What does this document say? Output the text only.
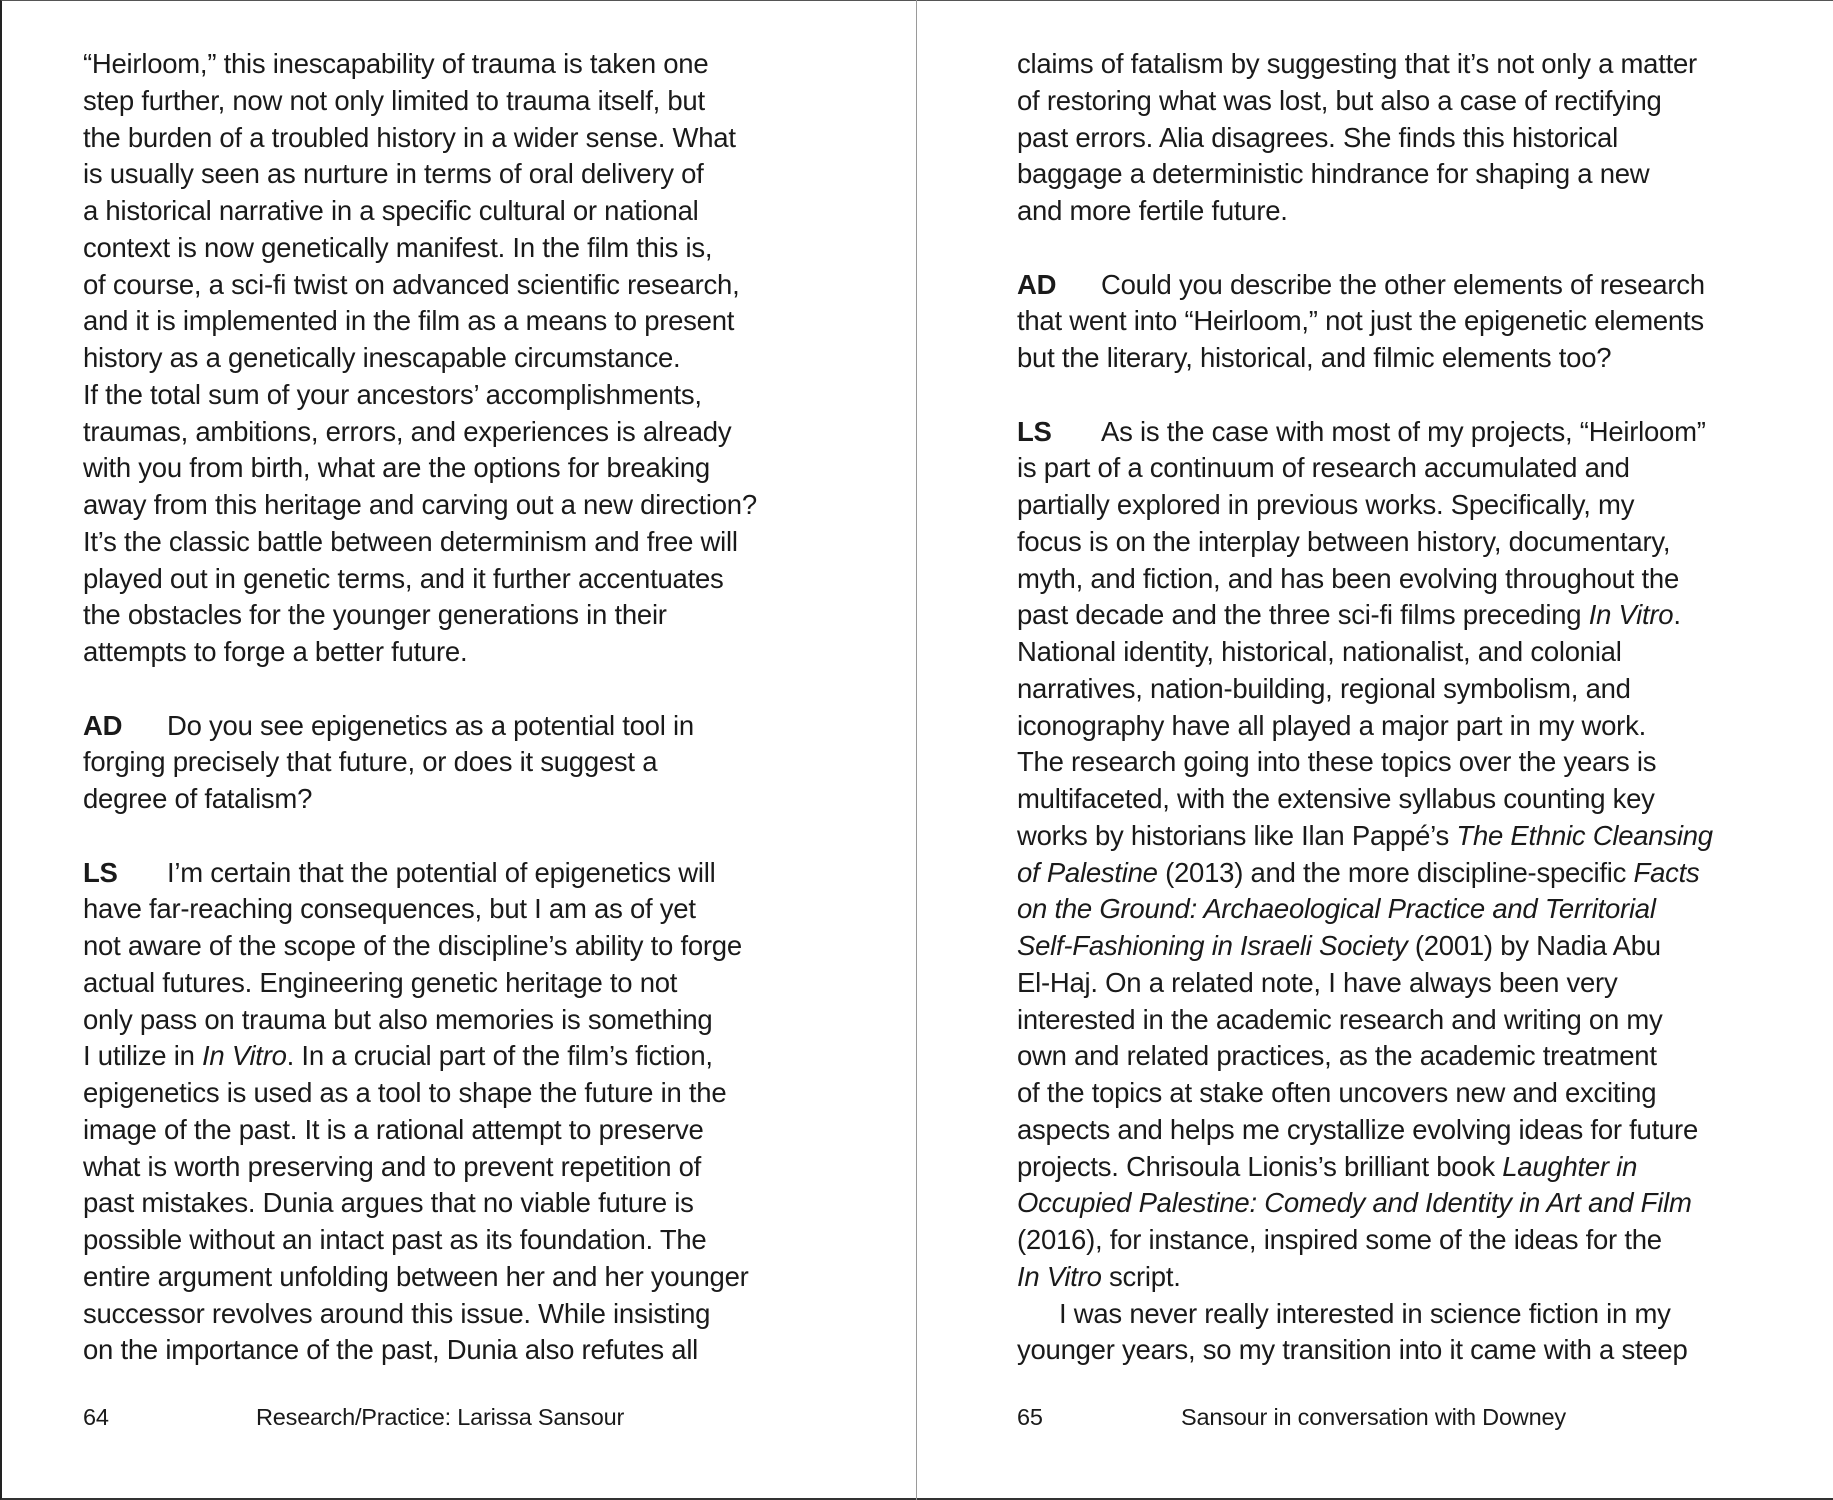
“Heirloom,” this inescapability of trauma is taken one
step further, now not only limited to trauma itself, but
the burden of a troubled history in a wider sense. What
is usually seen as nurture in terms of oral delivery of
a historical narrative in a specific cultural or national
context is now genetically manifest. In the film this is,
of course, a sci-fi twist on advanced scientific research,
and it is implemented in the film as a means to present
history as a genetically inescapable circumstance.
If the total sum of your ancestors’ accomplishments,
traumas, ambitions, errors, and experiences is already
with you from birth, what are the options for breaking
away from this heritage and carving out a new direction?
It’s the classic battle between determinism and free will
played out in genetic terms, and it further accentuates
the obstacles for the younger generations in their
attempts to forge a better future.

AD Do you see epigenetics as a potential tool in
forging precisely that future, or does it suggest a
degree of fatalism?

LS I’m certain that the potential of epigenetics will
have far-reaching consequences, but I am as of yet
not aware of the scope of the discipline’s ability to forge
actual futures. Engineering genetic heritage to not
only pass on trauma but also memories is something
I utilize in In Vitro. In a crucial part of the film’s fiction,
epigenetics is used as a tool to shape the future in the
image of the past. It is a rational attempt to preserve
what is worth preserving and to prevent repetition of
past mistakes. Dunia argues that no viable future is
possible without an intact past as its foundation. The
entire argument unfolding between her and her younger
successor revolves around this issue. While insisting
on the importance of the past, Dunia also refutes all
claims of fatalism by suggesting that it’s not only a matter
of restoring what was lost, but also a case of rectifying
past errors. Alia disagrees. She finds this historical
baggage a deterministic hindrance for shaping a new
and more fertile future.

AD Could you describe the other elements of research
that went into “Heirloom,” not just the epigenetic elements
but the literary, historical, and filmic elements too?

LS As is the case with most of my projects, “Heirloom”
is part of a continuum of research accumulated and
partially explored in previous works. Specifically, my
focus is on the interplay between history, documentary,
myth, and fiction, and has been evolving throughout the
past decade and the three sci-fi films preceding In Vitro.
National identity, historical, nationalist, and colonial
narratives, nation-building, regional symbolism, and
iconography have all played a major part in my work.
The research going into these topics over the years is
multifaceted, with the extensive syllabus counting key
works by historians like Ilan Pappé’s The Ethnic Cleansing
of Palestine (2013) and the more discipline-specific Facts
on the Ground: Archaeological Practice and Territorial
Self-Fashioning in Israeli Society (2001) by Nadia Abu
El-Haj. On a related note, I have always been very
interested in the academic research and writing on my
own and related practices, as the academic treatment
of the topics at stake often uncovers new and exciting
aspects and helps me crystallize evolving ideas for future
projects. Chrisoula Lionis’s brilliant book Laughter in
Occupied Palestine: Comedy and Identity in Art and Film
(2016), for instance, inspired some of the ideas for the
In Vitro script.
I was never really interested in science fiction in my
younger years, so my transition into it came with a steep
64	Research/Practice: Larissa Sansour	65	Sansour in conversation with Downey
